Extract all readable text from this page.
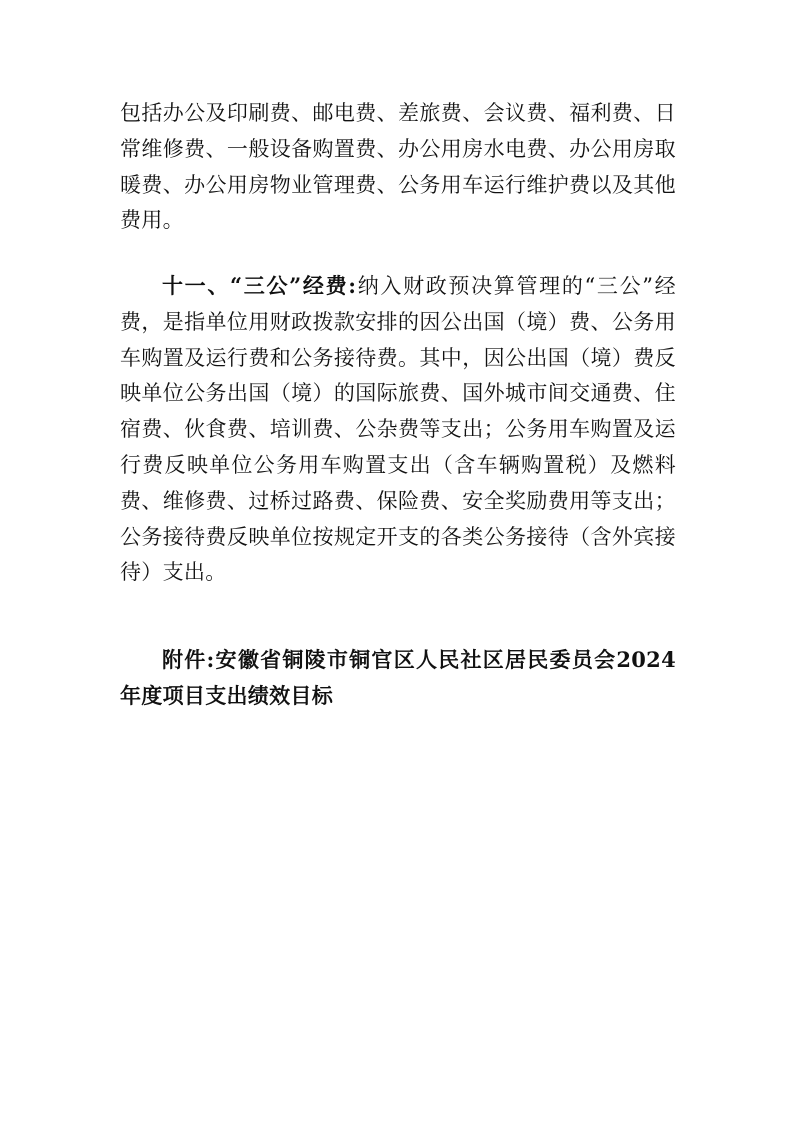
包括办公及印刷费、邮电费、差旅费、会议费、福利费、日常维修费、一般设备购置费、办公用房水电费、办公用房取暖费、办公用房物业管理费、公务用车运行维护费以及其他费用。

十一、“三公”经费:纳入财政预决算管理的“三公”经费，是指单位用财政拨款安排的因公出国（境）费、公务用车购置及运行费和公务接待费。其中，因公出国（境）费反映单位公务出国（境）的国际旅费、国外城市间交通费、住宿费、伙食费、培训费、公杂费等支出；公务用车购置及运行费反映单位公务用车购置支出（含车辆购置税）及燃料费、维修费、过桥过路费、保险费、安全奖励费用等支出；公务接待费反映单位按规定开支的各类公务接待（含外宾接待）支出。

附件:安徽省铜陵市铜官区人民社区居民委员会2024年度项目支出绩效目标
